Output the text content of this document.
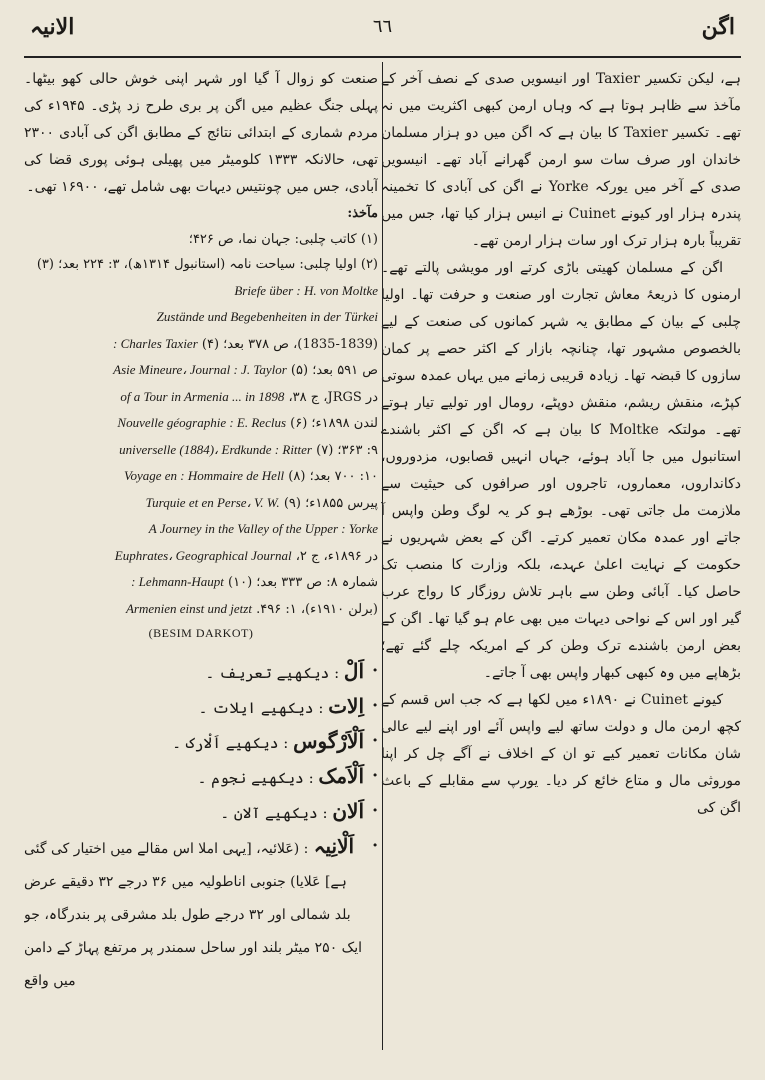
اگن
٦٦
الانیہ

ہے، لیکن تکسیر Taxier اور انیسویں صدی کے نصف آخر کے مآخذ سے ظاہر ہوتا ہے کہ وہاں ارمن کبھی اکثریت میں نہ تھے۔ تکسیر Taxier کا بیان ہے کہ اگن میں دو ہزار مسلمان خاندان اور صرف سات سو ارمن گھرانے آباد تھے۔ انیسویں صدی کے آخر میں یورکہ Yorke نے اگن کی آبادی کا تخمینہ پندرہ ہزار اور کیونے Cuinet نے انیس ہزار کیا تھا، جس میں تقریباً بارہ ہزار ترک اور سات ہزار ارمن تھے۔

اگن کے مسلمان کھیتی باڑی کرتے اور مویشی پالتے تھے۔ ارمنوں کا ذریعۂ معاش تجارت اور صنعت و حرفت تھا۔ اولیا چلبی کے بیان کے مطابق یہ شہر کمانوں کی صنعت کے لیے بالخصوص مشہور تھا، چنانچہ بازار کے اکثر حصے پر کمان سازوں کا قبضہ تھا۔ زیادہ قریبی زمانے میں یہاں عمدہ سوتی کپڑے، منقش ریشم، منقش دوپٹے، رومال اور تولیے تیار ہوتے تھے۔ مولتکہ Moltke کا بیان ہے کہ اگن کے اکثر باشندے استانبول میں جا آباد ہوئے، جہاں انہیں قصابوں، مزدوروں، دکانداروں، معماروں، تاجروں اور صرافوں کی حیثیت سے ملازمت مل جاتی تھی۔ بوڑھے ہو کر یہ لوگ وطن واپس آ جاتے اور عمدہ مکان تعمیر کرتے۔ اگن کے بعض شہریوں نے حکومت کے نہایت اعلیٰ عہدے، بلکہ وزارت کا منصب تک حاصل کیا۔ آبائی وطن سے باہر تلاش روزگار کا رواج عرب گیر اور اس کے نواحی دیہات میں بھی عام ہو گیا تھا۔ اگن کے بعض ارمن باشندے ترک وطن کر کے امریکہ چلے گئے تھے؛ بڑھاپے میں وہ کبھی کبھار واپس بھی آ جاتے۔

کیونے Cuinet نے ۱۸۹۰ء میں لکھا ہے کہ جب اس قسم کے کچھ ارمن مال و دولت ساتھ لیے واپس آئے اور اپنے لیے عالی شان مکانات تعمیر کیے تو ان کے اخلاف نے آگے چل کر اپنا موروثی مال و متاع خائع کر دیا۔ یورپ سے مقابلے کے باعث اگن کی

صنعت کو زوال آ گیا اور شہر اپنی خوش حالی کھو بیٹھا۔ پہلی جنگ عظیم میں اگن پر بری طرح زد پڑی۔ ۱۹۴۵ء کی مردم شماری کے ابتدائی نتائج کے مطابق اگن کی آبادی ۲۳۰۰ تھی، حالانکہ ۱۳۳۳ کلومیٹر میں پھیلی ہوئی پوری قضا کی آبادی، جس میں چونتیس دیہات بھی شامل تھے، ۱۶۹۰۰ تھی۔

مآخذ:
(۱) کاتب چلبی: جہان نما، ص ۴۲۶؛
(۲) اولیا چلبی: سیاحت نامہ (استانبول ۱۳۱۴ھ)، ۳: ۲۲۴ بعد؛ (۳) Briefe über : H. von Moltke
Zustände und Begebenheiten in der Türkei
(1835-1839)، ص ۳۷۸ بعد؛ (۴) : Charles Taxier
ص ۵۹۱ بعد؛ (۵) Asie Mineure، Journal : J. Taylor
در JRGS، ج ۳۸، of a Tour in Armenia ... in 1898
لندن ۱۸۹۸ء؛ (۶) Nouvelle géographie : E. Reclus
۹: ۳۶۳؛ (۷) universelle (1884)، Erdkunde : Ritter
۱۰: ۷۰۰ بعد؛ (۸) Voyage en : Hommaire de Hell
پیرس ۱۸۵۵ء؛ (۹) Turquie et en Perse، V. W.
A Journey in the Valley of the Upper : Yorke
در ۱۸۹۶ء، ج ۲، Euphrates، Geographical Journal
شمارہ ۸: ص ۳۳۳ بعد؛ (۱۰) : Lehmann-Haupt
(برلن ۱۹۱۰ء)، ۱: ۴۹۶. Armenien einst und jetzt
(BESIM DARKOT)
·
اَلْ : دیکھیے تعریف ۔
·
اِلات : دیکھیے ایلات ۔
·
اَلْاَرْگوس : دیکھیے اَلْارک ۔
·
اَلْاَمک : دیکھیے نجوم ۔
·
اَلان : دیکھیے آلان ۔
·
اَلْانِیہ : (عَلائیہ، [یہی املا اس مقالے میں اختیار کی گئی ہے] عَلایا) جنوبی اناطولیہ میں ۳۶ درجے ۳۲ دقیقے عرض بلد شمالی اور ۳۲ درجے طول بلد مشرقی پر بندرگاہ، جو ایک ۲۵۰ میٹر بلند اور ساحل سمندر پر مرتفع پہاڑ کے دامن میں واقع
